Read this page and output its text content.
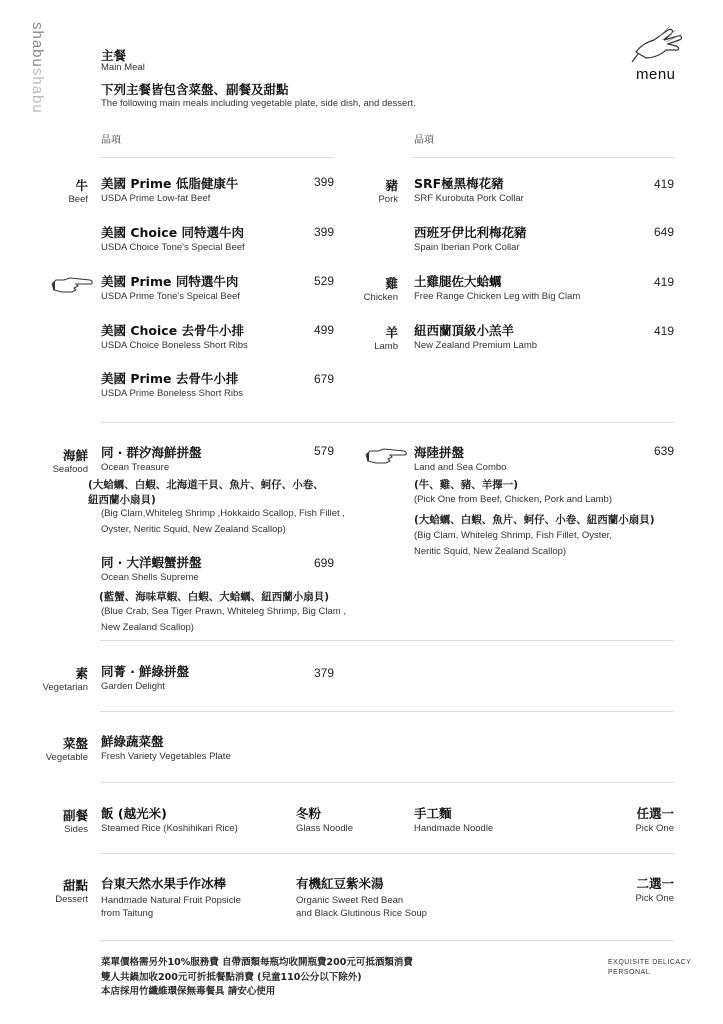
shabushabu	menu
主餐
Main Meal
下列主餐皆包含菜盤、副餐及甜點
The following main meals including vegetable plate, side dish, and dessert.
品項	品項
牛
Beef
美國 Prime 低脂健康牛
USDA Prime Low-fat Beef
399
美國 Choice 同特選牛肉
USDA Choice Tone's Special Beef
399
美國 Prime 同特選牛肉
USDA Prime Tone's Speical Beef
529
美國 Choice 去骨牛小排
USDA Choice Boneless Short Ribs
499
美國 Prime 去骨牛小排
USDA Prime Boneless Short Ribs
679
豬
Pork
SRF極黑梅花豬
SRF Kurobuta Pork Collar
419
西班牙伊比利梅花豬
Spain Iberian Pork Collar
649
雞
Chicken
土雞腿佐大蛤蠣
Free Range Chicken Leg with Big Clam
419
羊
Lamb
紐西蘭頂級小羔羊
New Zealand Premium Lamb
419
海鮮
Seafood
同 ‧ 群汐海鮮拼盤
Ocean Treasure
579
(大蛤蠣、白蝦、北海道干貝、魚片、蚵仔、小卷、
紐西蘭小扇貝)
(Big Clam,Whiteleg Shrimp ,Hokkaido Scallop, Fish Fillet ,
Oyster, Neritic Squid, New Zealand Scallop)
同 ‧ 大洋蝦蟹拼盤
Ocean Shells Supreme
699
(藍蟹、海味草蝦、白蝦、大蛤蠣、紐西蘭小扇貝)
(Blue Crab, Sea Tiger Prawn, Whiteleg Shrimp, Big Clam ,
New Zealand Scallop)
海陸拼盤
Land and Sea Combo
639
(牛、雞、豬、羊擇一)
(Pick One from Beef, Chicken, Pork and Lamb)
(大蛤蠣、白蝦、魚片、蚵仔、小卷、紐西蘭小扇貝)
(Big Clam, Whiteleg Shrimp, Fish Fillet, Oyster,
Neritic Squid, New Zealand Scallop)
素
Vegetarian
同菁 ‧ 鮮綠拼盤
Garden Delight
379
菜盤
Vegetable
鮮綠蔬菜盤
Fresh Variety Vegetables Plate
副餐
Sides
飯 (越光米)
Steamed Rice (Koshihikari Rice)
冬粉
Glass Noodle
手工麵
Handmade Noodle
任選一
Pick One
甜點
Dessert
台東天然水果手作冰棒
Handmade Natural Fruit Popsicle
from Taitung
有機紅豆紫米湯
Organic Sweet Red Bean
and Black Glutinous Rice Soup
二選一
Pick One
菜單價格需另外10%服務費 自帶酒類每瓶均收開瓶費200元可抵酒類消費
雙人共鍋加收200元可折抵餐點消費 (兒童110公分以下除外)
本店採用竹纖維環保無毒餐具 請安心使用
EXQUISITE DELICACY
PERSONAL
